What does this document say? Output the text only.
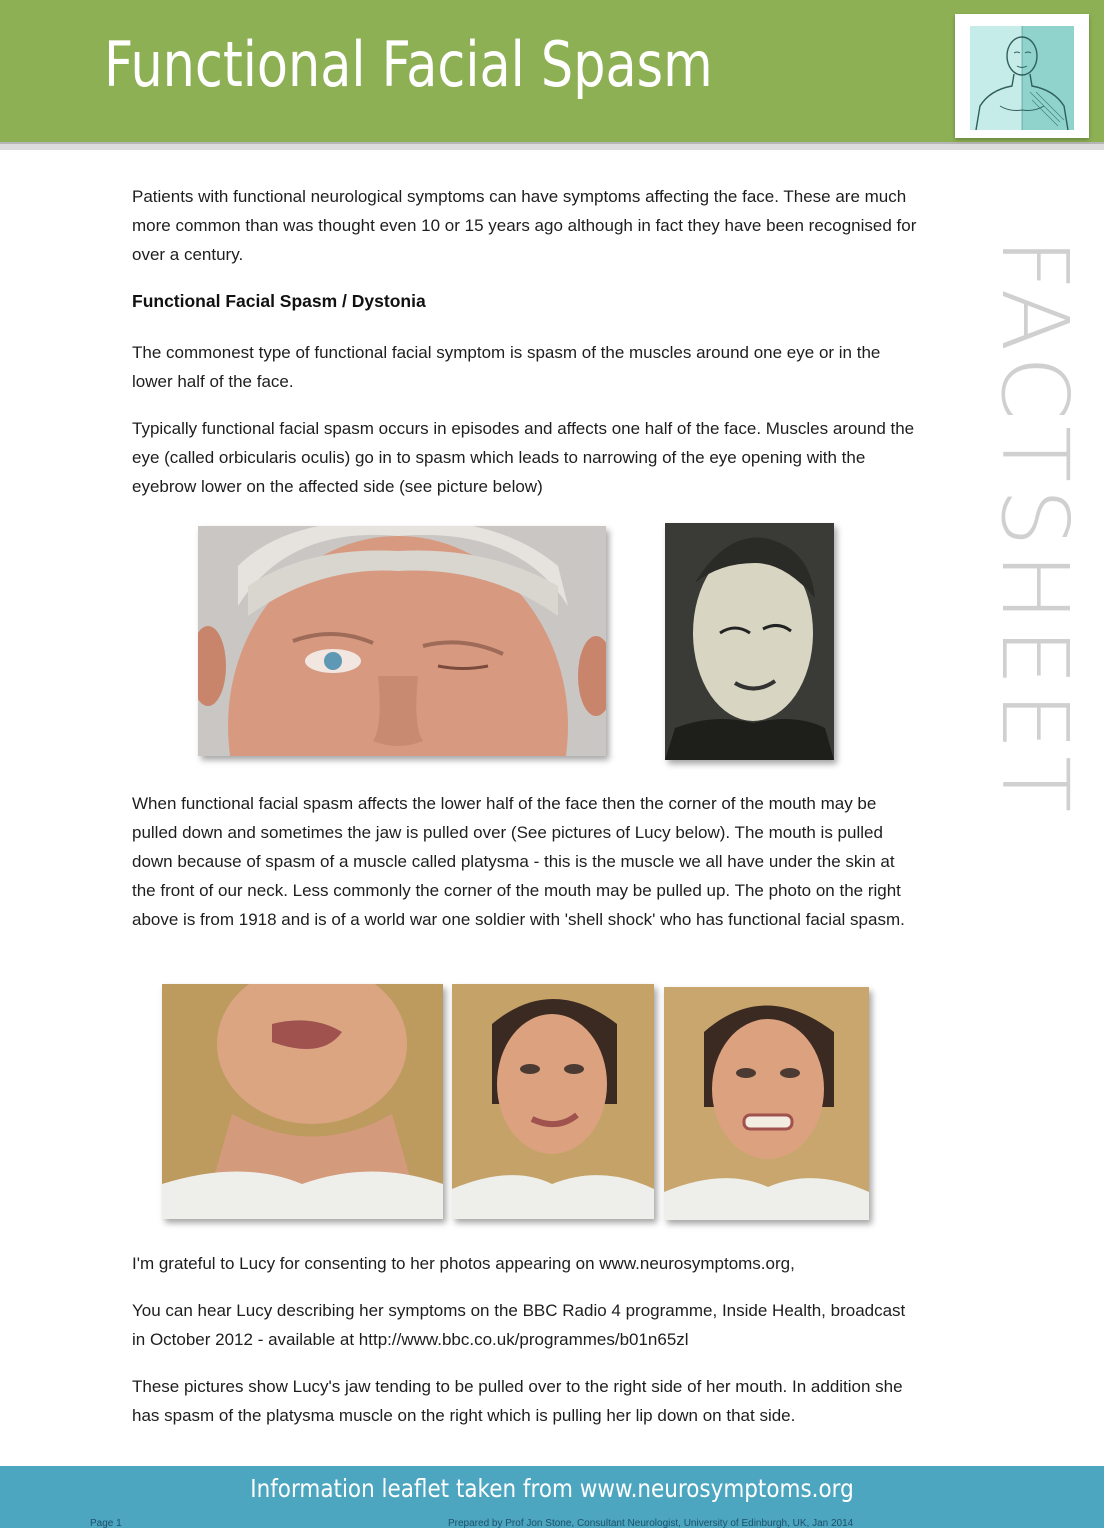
Functional Facial Spasm
FACTSHEET

Patients with functional neurological symptoms can have symptoms affecting the face. These are much more common than was thought even 10 or 15 years ago although in fact they have been recognised for over a century.

Functional Facial Spasm / Dystonia

The commonest type of functional facial symptom is spasm of the muscles around one eye or in the lower half of the face.

Typically functional facial spasm occurs in episodes and affects one half of the face. Muscles around the eye (called orbicularis oculis) go in to spasm which leads to narrowing of the eye opening with the eyebrow lower on the affected side (see picture below)

When functional facial spasm affects the lower half of the face then the corner of the mouth may be pulled down and sometimes the jaw is pulled over (See pictures of Lucy below). The mouth is pulled down because of spasm of a muscle called platysma - this is the muscle we all have under the skin at the front of our neck. Less commonly the corner of the mouth may be pulled up. The photo on the right above is from 1918 and is of a world war one soldier with 'shell shock' who has functional facial spasm.

I'm grateful to Lucy for consenting to her photos appearing on www.neurosymptoms.org,

You can hear Lucy describing her symptoms on the BBC Radio 4 programme, Inside Health, broadcast in October 2012 - available at http://www.bbc.co.uk/programmes/b01n65zl

These pictures show Lucy's jaw tending to be pulled over to the right side of her mouth. In addition she has spasm of the platysma muscle on the right which is pulling her lip down on that side.

Information leaflet taken from www.neurosymptoms.org
Page 1	Prepared by Prof Jon Stone, Consultant Neurologist, University of Edinburgh, UK, Jan 2014
